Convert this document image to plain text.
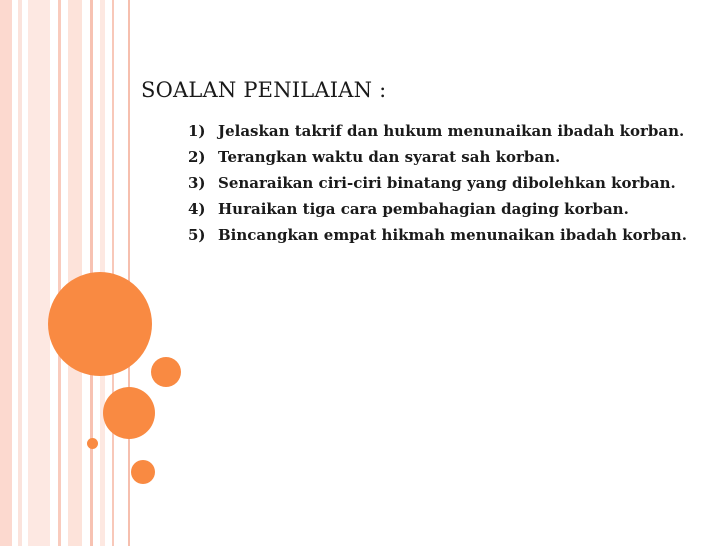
SOALAN PENILAIAN :
1) Jelaskan takrif dan hukum menunaikan ibadah korban.
2) Terangkan waktu dan syarat sah korban.
3) Senaraikan ciri-ciri binatang yang dibolehkan korban.
4) Huraikan tiga cara pembahagian daging korban.
5) Bincangkan empat hikmah menunaikan ibadah korban.
